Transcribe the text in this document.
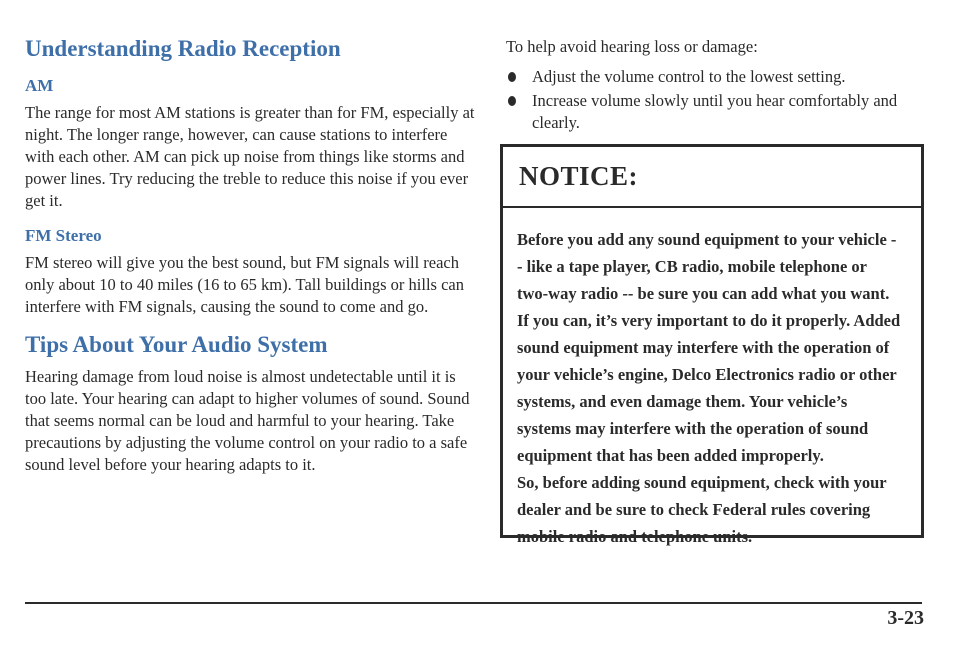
Understanding Radio Reception
AM

The range for most AM stations is greater than for FM, especially at night. The longer range, however, can cause stations to interfere with each other. AM can pick up noise from things like storms and power lines. Try reducing the treble to reduce this noise if you ever get it.

FM Stereo

FM stereo will give you the best sound, but FM signals will reach only about 10 to 40 miles (16 to 65 km). Tall buildings or hills can interfere with FM signals, causing the sound to come and go.

Tips About Your Audio System

Hearing damage from loud noise is almost undetectable until it is too late. Your hearing can adapt to higher volumes of sound. Sound that seems normal can be loud and harmful to your hearing. Take precautions by adjusting the volume control on your radio to a safe sound level before your hearing adapts to it.

To help avoid hearing loss or damage:

Adjust the volume control to the lowest setting.
Increase volume slowly until you hear comfortably and clearly.
NOTICE:

Before you add any sound equipment to your vehicle -- like a tape player, CB radio, mobile telephone or two-way radio -- be sure you can add what you want. If you can, it’s very important to do it properly. Added sound equipment may interfere with the operation of your vehicle’s engine, Delco Electronics radio or other systems, and even damage them. Your vehicle’s systems may interfere with the operation of sound equipment that has been added improperly.

So, before adding sound equipment, check with your dealer and be sure to check Federal rules covering mobile radio and telephone units.

3-23
